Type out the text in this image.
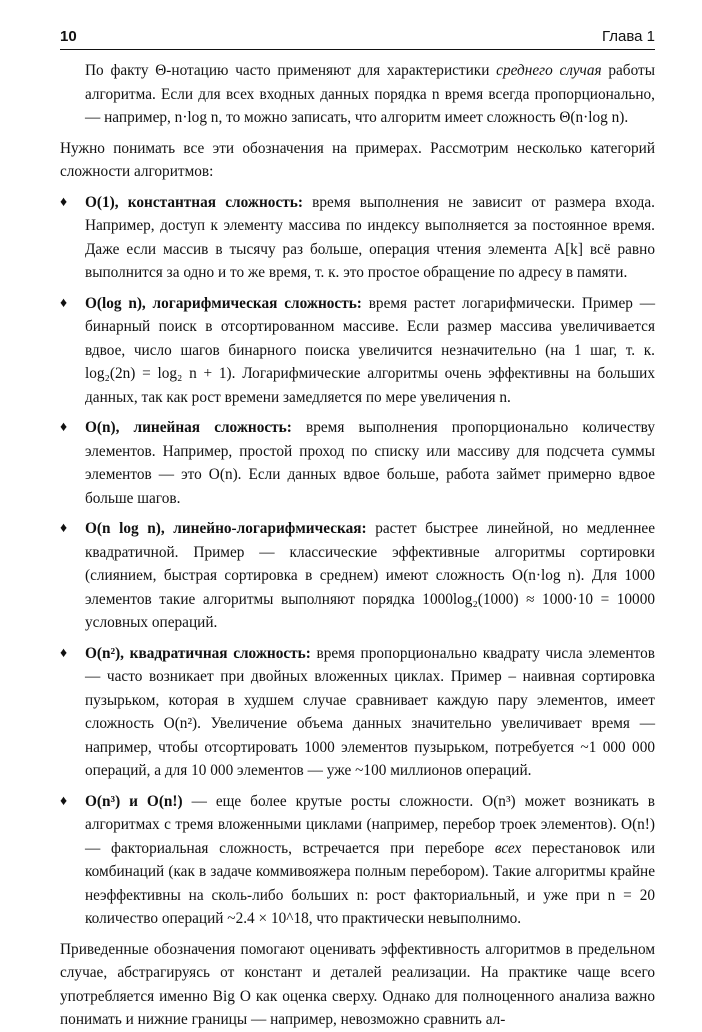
10	Глава 1

По факту Θ-нотацию часто применяют для характеристики среднего случая работы алгоритма. Если для всех входных данных порядка n время всегда пропорционально, — например, n·log n, то можно записать, что алгоритм имеет сложность Θ(n·log n).

Нужно понимать все эти обозначения на примерах. Рассмотрим несколько категорий сложности алгоритмов:

♦ O(1), константная сложность: время выполнения не зависит от размера входа. Например, доступ к элементу массива по индексу выполняется за постоянное время. Даже если массив в тысячу раз больше, операция чтения элемента A[k] всё равно выполнится за одно и то же время, т. к. это простое обращение по адресу в памяти.
♦ O(log n), логарифмическая сложность: время растет логарифмически. Пример — бинарный поиск в отсортированном массиве. Если размер массива увеличивается вдвое, число шагов бинарного поиска увеличится незначительно (на 1 шаг, т. к. log₂(2n) = log₂ n + 1). Логарифмические алгоритмы очень эффективны на больших данных, так как рост времени замедляется по мере увеличения n.
♦ O(n), линейная сложность: время выполнения пропорционально количеству элементов. Например, простой проход по списку или массиву для подсчета суммы элементов — это O(n). Если данных вдвое больше, работа займет примерно вдвое больше шагов.
♦ O(n log n), линейно-логарифмическая: растет быстрее линейной, но медленнее квадратичной. Пример — классические эффективные алгоритмы сортировки (слиянием, быстрая сортировка в среднем) имеют сложность O(n·log n). Для 1000 элементов такие алгоритмы выполняют порядка 1000log₂(1000) ≈ 1000·10 = 10000 условных операций.
♦ O(n²), квадратичная сложность: время пропорционально квадрату числа элементов — часто возникает при двойных вложенных циклах. Пример – наивная сортировка пузырьком, которая в худшем случае сравнивает каждую пару элементов, имеет сложность O(n²). Увеличение объема данных значительно увеличивает время — например, чтобы отсортировать 1000 элементов пузырьком, потребуется ~1 000 000 операций, а для 10 000 элементов — уже ~100 миллионов операций.
♦ O(n³) и O(n!) — еще более крутые росты сложности. O(n³) может возникать в алгоритмах с тремя вложенными циклами (например, перебор троек элементов). O(n!) — факториальная сложность, встречается при переборе всех перестановок или комбинаций (как в задаче коммивояжера полным перебором). Такие алгоритмы крайне неэффективны на сколь-либо больших n: рост факториальный, и уже при n = 20 количество операций ~2.4 × 10^18, что практически невыполнимо.

Приведенные обозначения помогают оценивать эффективность алгоритмов в предельном случае, абстрагируясь от констант и деталей реализации. На практике чаще всего употребляется именно Big O как оценка сверху. Однако для полноценного анализа важно понимать и нижние границы — например, невозможно сравнить ал-
